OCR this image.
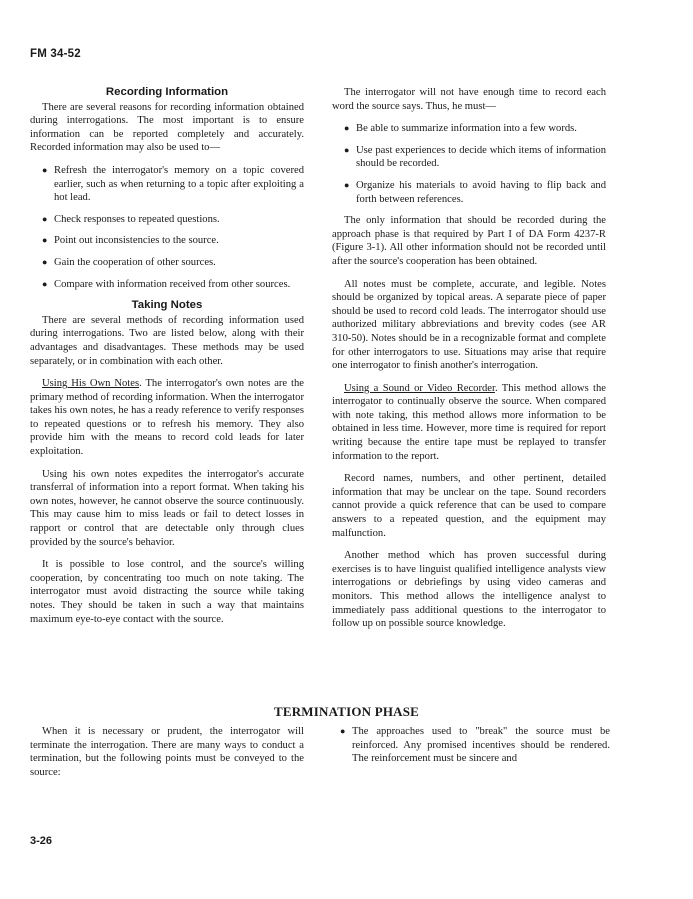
FM 34-52
Recording Information

There are several reasons for recording information obtained during interrogations. The most important is to ensure information can be reported completely and accurately. Recorded information may also be used to—

● Refresh the interrogator's memory on a topic covered earlier, such as when returning to a topic after exploiting a hot lead.
● Check responses to repeated questions.
● Point out inconsistencies to the source.
● Gain the cooperation of other sources.
● Compare with information received from other sources.
Taking Notes

There are several methods of recording information used during interrogations. Two are listed below, along with their advantages and disadvantages. These methods may be used separately, or in combination with each other.

Using His Own Notes. The interrogator's own notes are the primary method of recording information. When the interrogator takes his own notes, he has a ready reference to verify responses to repeated questions or to refresh his memory. They also provide him with the means to record cold leads for later exploitation.

Using his own notes expedites the interrogator's accurate transferral of information into a report format. When taking his own notes, however, he cannot observe the source continuously. This may cause him to miss leads or fail to detect losses in rapport or control that are detectable only through clues provided by the source's behavior.

It is possible to lose control, and the source's willing cooperation, by concentrating too much on note taking. The interrogator must avoid distracting the source while taking notes. They should be taken in such a way that maintains maximum eye-to-eye contact with the source.

The interrogator will not have enough time to record each word the source says. Thus, he must—

● Be able to summarize information into a few words.
● Use past experiences to decide which items of information should be recorded.
● Organize his materials to avoid having to flip back and forth between references.

The only information that should be recorded during the approach phase is that required by Part I of DA Form 4237-R (Figure 3-1). All other information should not be recorded until after the source's cooperation has been obtained.

All notes must be complete, accurate, and legible. Notes should be organized by topical areas. A separate piece of paper should be used to record cold leads. The interrogator should use authorized military abbreviations and brevity codes (see AR 310-50). Notes should be in a recognizable format and complete for other interrogators to use. Situations may arise that require one interrogator to finish another's interrogation.

Using a Sound or Video Recorder. This method allows the interrogator to continually observe the source. When compared with note taking, this method allows more information to be obtained in less time. However, more time is required for report writing because the entire tape must be replayed to transfer information to the report.

Record names, numbers, and other pertinent, detailed information that may be unclear on the tape. Sound recorders cannot provide a quick reference that can be used to compare answers to a repeated question, and the equipment may malfunction.

Another method which has proven successful during exercises is to have linguist qualified intelligence analysts view interrogations or debriefings by using video cameras and monitors. This method allows the intelligence analyst to immediately pass additional questions to the interrogator to follow up on possible source knowledge.

TERMINATION PHASE

When it is necessary or prudent, the interrogator will terminate the interrogation. There are many ways to conduct a termination, but the following points must be conveyed to the source:

● The approaches used to "break" the source must be reinforced. Any promised incentives should be rendered. The reinforcement must be sincere and
3-26
